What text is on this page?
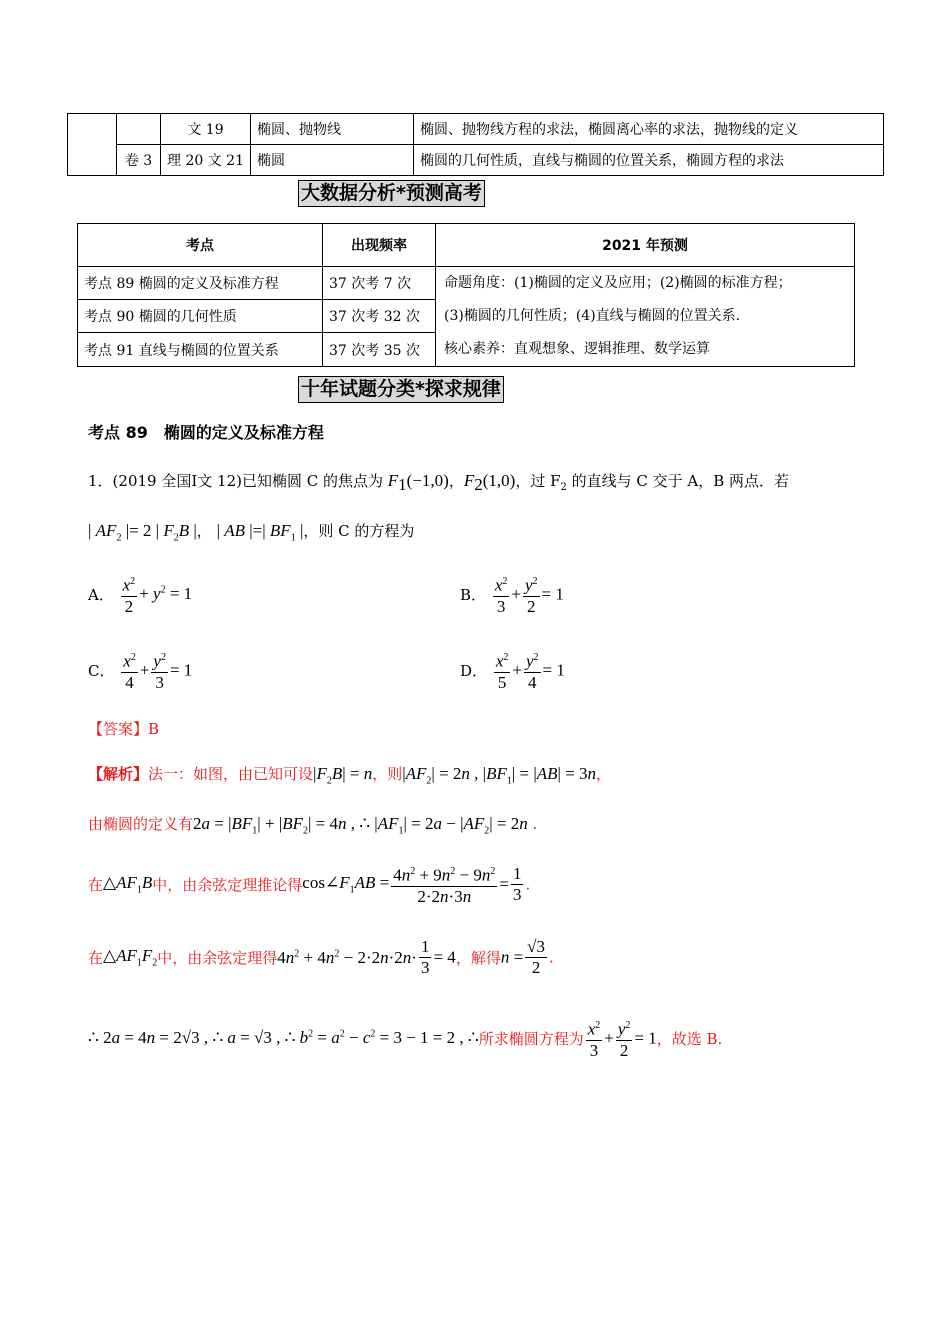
		文 19	椭圆、抛物线	椭圆、抛物线方程的求法，椭圆离心率的求法，抛物线的定义
	卷 3	理 20 文 21	椭圆	椭圆的几何性质，直线与椭圆的位置关系，椭圆方程的求法
大数据分析*预测高考
考点	出现频率	2021 年预测
考点 89 椭圆的定义及标准方程	37 次考 7 次	命题角度：(1)椭圆的定义及应用；(2)椭圆的标准方程；
(3)椭圆的几何性质；(4)直线与椭圆的位置关系．
核心素养：直观想象、逻辑推理、数学运算

考点 90 椭圆的几何性质	37 次考 32 次	
考点 91 直线与椭圆的位置关系	37 次考 35 次	
十年试题分类*探求规律
考点 89　椭圆的定义及标准方程
1．(2019 全国Ⅰ文 12)已知椭圆 C 的焦点为 $F_1(-1,0)$，$F_2(1,0)$，过 $F_2$ 的直线与 C 交于 A，B 两点．若
| $AF_2$ |= 2 | $F_2B$ |， | AB |=| $BF_1$ |，则 C 的方程为
A． $\frac{x^2}{2} + y^2 = 1$	B． $\frac{x^2}{3} + \frac{y^2}{2} = 1$
C． $\frac{x^2}{4} + \frac{y^2}{3} = 1$	D． $\frac{x^2}{5} + \frac{y^2}{4} = 1$
【答案】B
【解析】法一：如图，由已知可设$|F_2B| = n$，则$|AF_2| = 2n$ , $|BF_1| = |AB| = 3n$，
由椭圆的定义有$2a = |BF_1| + |BF_2| = 4n$ , ∴ $|AF_1| = 2a - |AF_2| = 2n$ .
在$\triangle AF_1B$中，由余弦定理推论得$\cos\angle F_1AB = \frac{4n^2 + 9n^2 - 9n^2}{2\cdot 2n\cdot 3n} = \frac{1}{3}$ .
在$\triangle AF_1F_2$中，由余弦定理得$4n^2 + 4n^2 - 2\cdot 2n\cdot 2n\cdot \frac{1}{3} = 4$，解得$n = \frac{√3}{2}$ .
∴ 2a = 4n = 2√3 , ∴ a = √3 , ∴ $b^2 = a^2 - c^2 = 3 - 1 = 2$ , ∴所求椭圆方程为 $\frac{x^2}{3} + \frac{y^2}{2} = 1$，故选 B.
